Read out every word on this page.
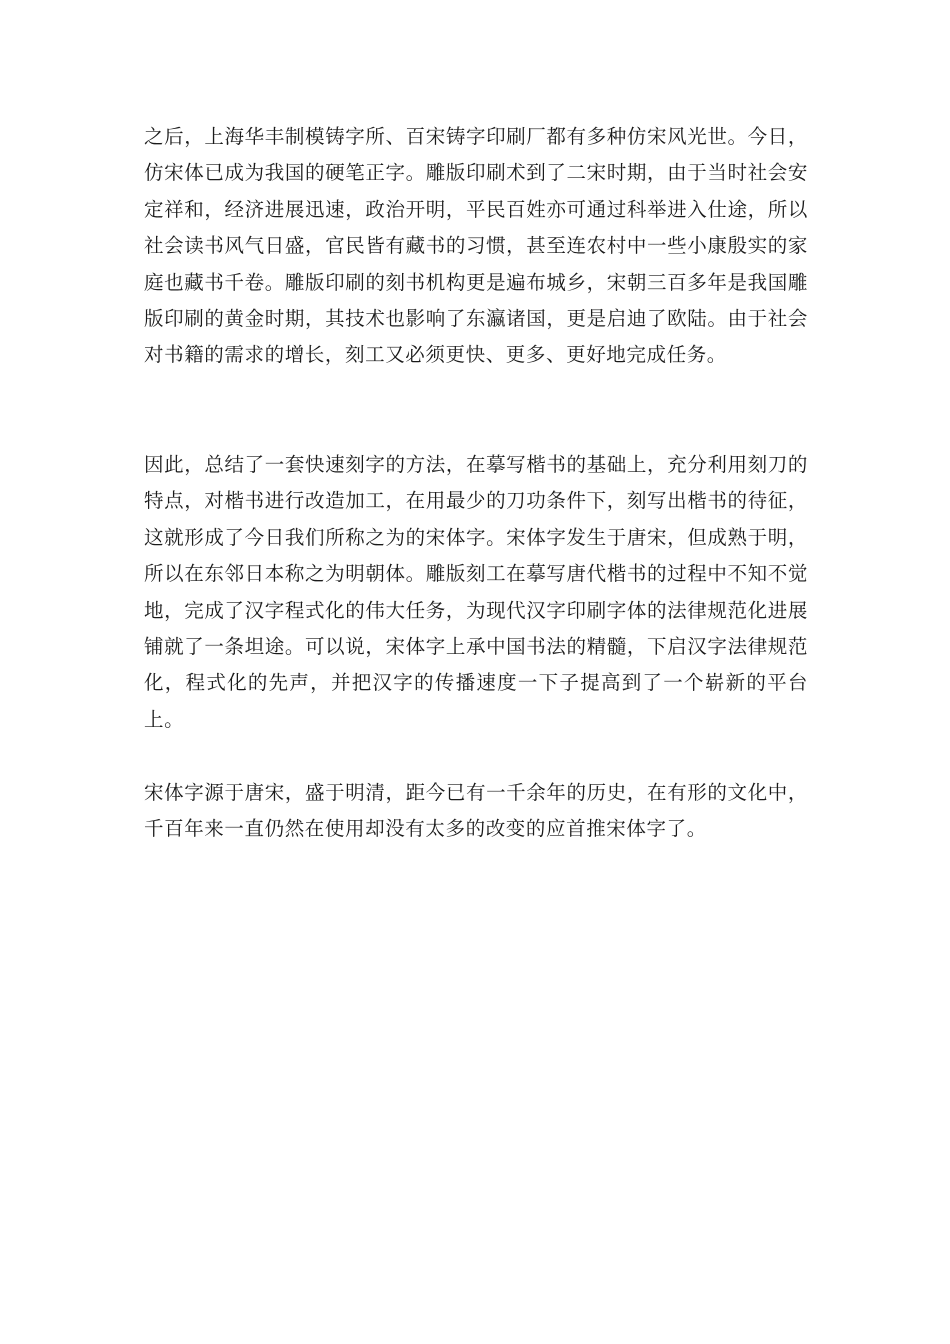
之后，上海华丰制模铸字所、百宋铸字印刷厂都有多种仿宋风光世。今日，仿宋体已成为我国的硬笔正字。雕版印刷术到了二宋时期，由于当时社会安定祥和，经济进展迅速，政治开明，平民百姓亦可通过科举进入仕途，所以社会读书风气日盛，官民皆有藏书的习惯，甚至连农村中一些小康殷实的家庭也藏书千卷。雕版印刷的刻书机构更是遍布城乡，宋朝三百多年是我国雕版印刷的黄金时期，其技术也影响了东瀛诸国，更是启迪了欧陆。由于社会对书籍的需求的增长，刻工又必须更快、更多、更好地完成任务。

因此，总结了一套快速刻字的方法，在摹写楷书的基础上，充分利用刻刀的特点，对楷书进行改造加工，在用最少的刀功条件下，刻写出楷书的待征，这就形成了今日我们所称之为的宋体字。宋体字发生于唐宋，但成熟于明，所以在东邻日本称之为明朝体。雕版刻工在摹写唐代楷书的过程中不知不觉地，完成了汉字程式化的伟大任务，为现代汉字印刷字体的法律规范化进展铺就了一条坦途。可以说，宋体字上承中国书法的精髓，下启汉字法律规范化，程式化的先声，并把汉字的传播速度一下子提高到了一个崭新的平台上。

宋体字源于唐宋，盛于明清，距今已有一千余年的历史，在有形的文化中，千百年来一直仍然在使用却没有太多的改变的应首推宋体字了。
